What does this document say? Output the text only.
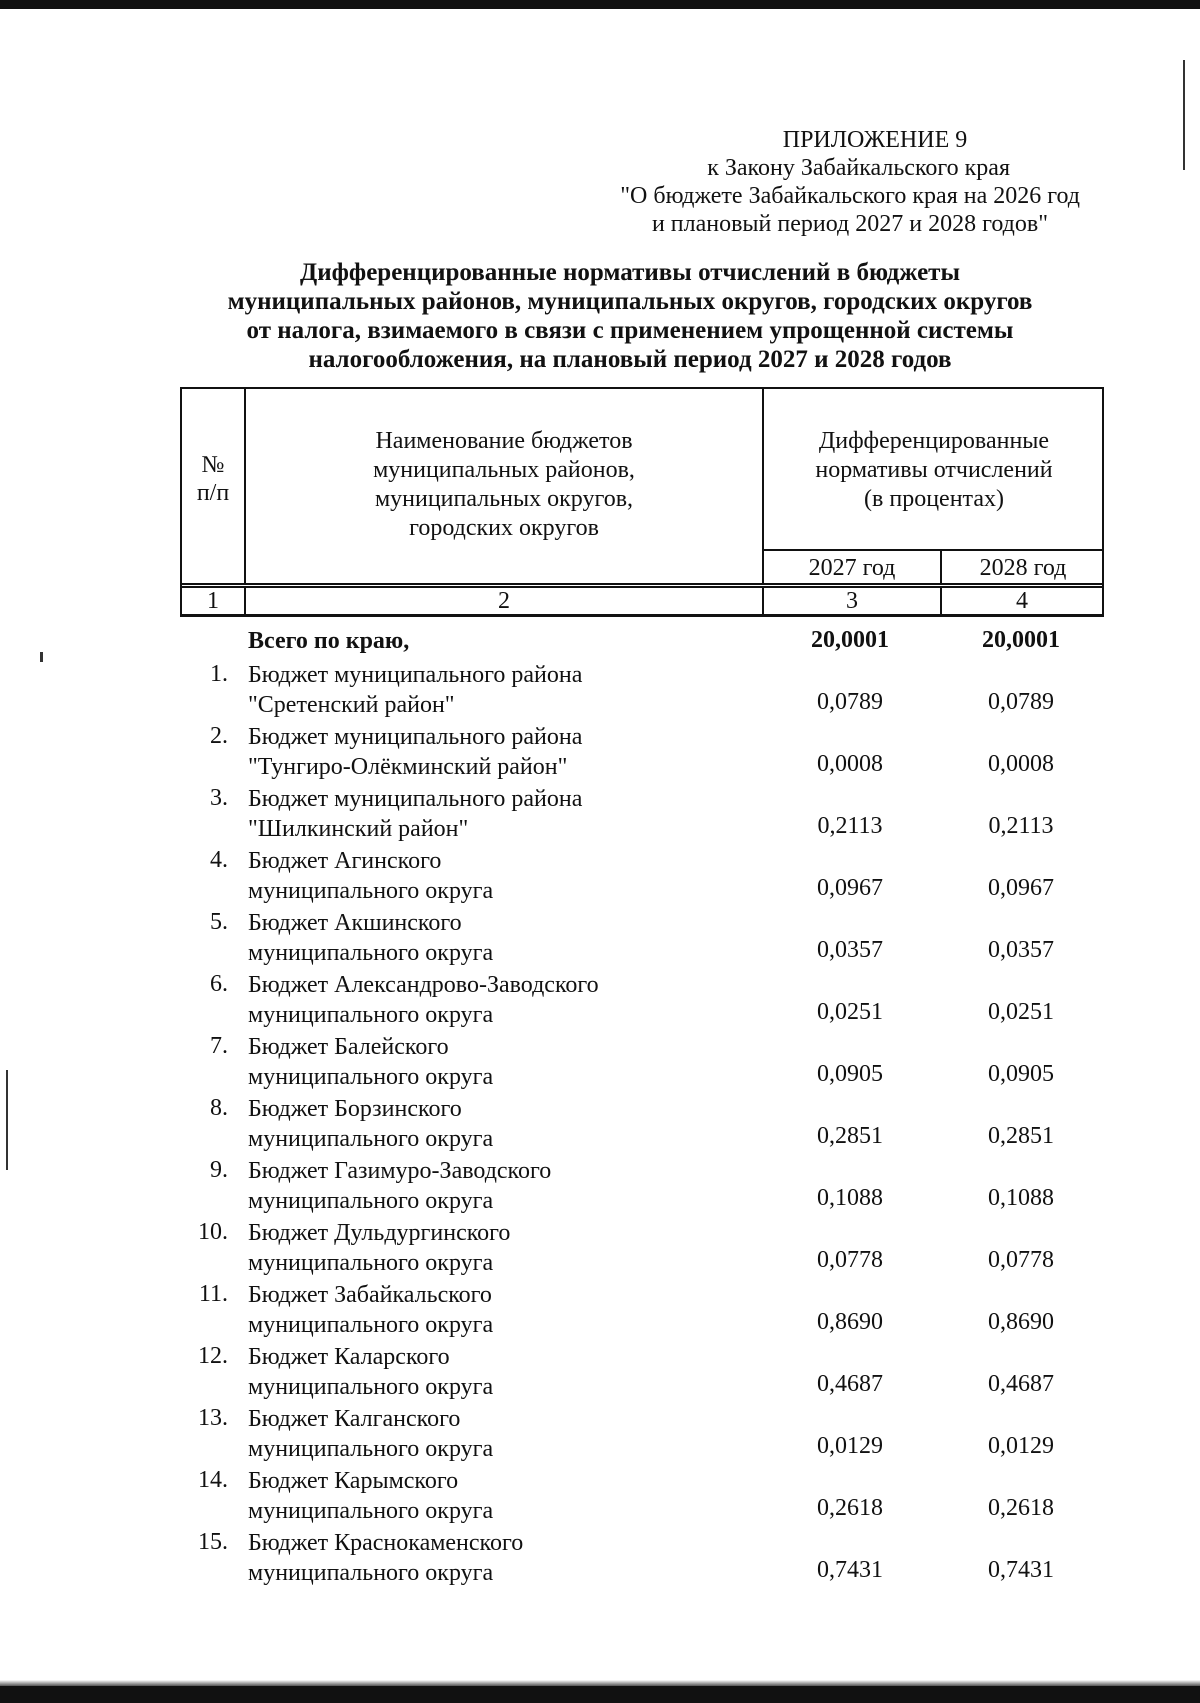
ПРИЛОЖЕНИЕ 9
к Закону Забайкальского края
"О бюджете Забайкальского края на 2026 год
и плановый период 2027 и 2028 годов"
Дифференцированные нормативы отчислений в бюджеты
муниципальных районов, муниципальных округов, городских округов
от налога, взимаемого в связи с применением упрощенной системы
налогообложения, на плановый период 2027 и 2028 годов
№
п/п
Наименование бюджетов
муниципальных районов,
муниципальных округов,
городских округов
Дифференцированные
нормативы отчислений
(в процентах)
2027 год	2028 год
1	2	3	4
Всего по краю,	20,0001	20,0001
1. Бюджет муниципального района
"Сретенский район"	0,0789	0,0789
2. Бюджет муниципального района
"Тунгиро-Олёкминский район"	0,0008	0,0008
3. Бюджет муниципального района
"Шилкинский район"	0,2113	0,2113
4. Бюджет Агинского
муниципального округа	0,0967	0,0967
5. Бюджет Акшинского
муниципального округа	0,0357	0,0357
6. Бюджет Александрово-Заводского
муниципального округа	0,0251	0,0251
7. Бюджет Балейского
муниципального округа	0,0905	0,0905
8. Бюджет Борзинского
муниципального округа	0,2851	0,2851
9. Бюджет Газимуро-Заводского
муниципального округа	0,1088	0,1088
10. Бюджет Дульдургинского
муниципального округа	0,0778	0,0778
11. Бюджет Забайкальского
муниципального округа	0,8690	0,8690
12. Бюджет Каларского
муниципального округа	0,4687	0,4687
13. Бюджет Калганского
муниципального округа	0,0129	0,0129
14. Бюджет Карымского
муниципального округа	0,2618	0,2618
15. Бюджет Краснокаменского
муниципального округа	0,7431	0,7431
